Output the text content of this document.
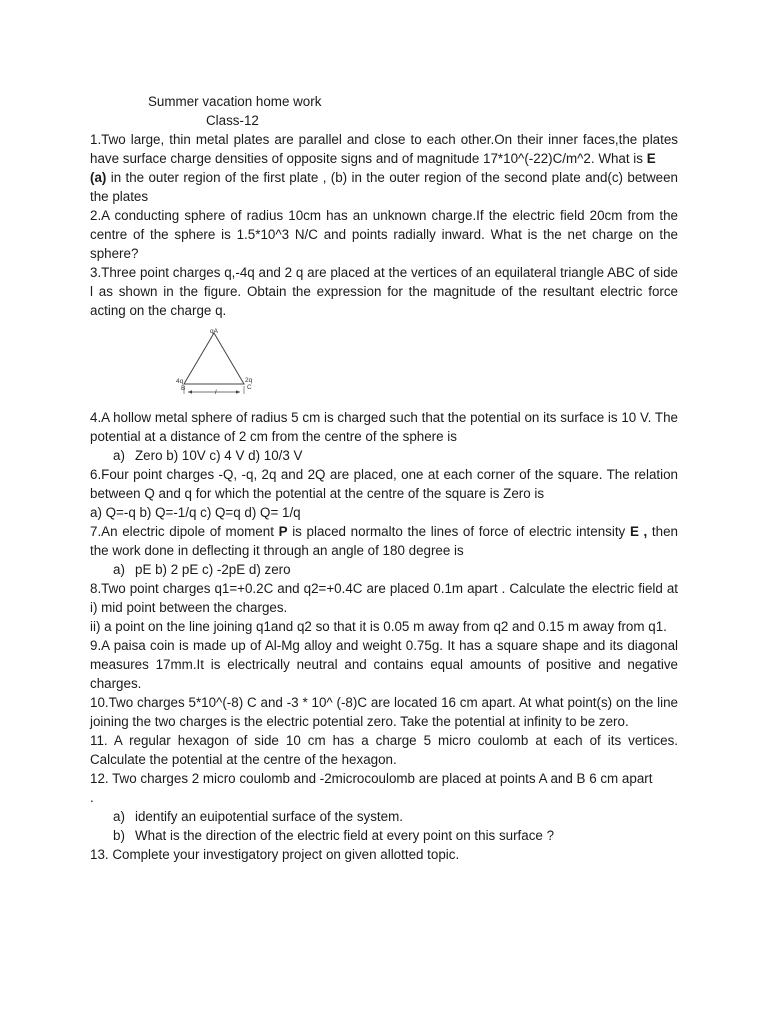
Summer vacation home work
Class-12

1.Two large, thin metal plates are parallel and close to each other.On their inner faces,the plates have surface charge densities of opposite signs and of magnitude 17*10^(-22)C/m^2. What is E
(a) in the outer region of the first plate , (b) in the outer region of the second plate and(c) between the plates

2.A conducting sphere of radius 10cm has an unknown charge.If the electric field 20cm from the centre of the sphere is 1.5*10^3 N/C and points radially inward. What is the net charge on the sphere?

3.Three point charges q,-4q and 2 q are placed at the vertices of an equilateral triangle ABC of side l as shown in the figure. Obtain the expression for the magnitude of the resultant electric force acting on the charge q.

qA
4q
B
2q
C
l

4.A hollow metal sphere of radius 5 cm is charged such that the potential on its surface is 10 V. The potential at a distance of 2 cm from the centre of the sphere is

a) Zero b) 10V c) 4 V d) 10/3 V

6.Four point charges -Q, -q, 2q and 2Q are placed, one at each corner of the square. The relation between Q and q for which the potential at the centre of the square is Zero is

a) Q=-q b) Q=-1/q c) Q=q d) Q= 1/q

7.An electric dipole of moment P is placed normalto the lines of force of electric intensity E , then the work done in deflecting it through an angle of 180 degree is

a) pE b) 2 pE c) -2pE d) zero

8.Two point charges q1=+0.2C and q2=+0.4C are placed 0.1m apart . Calculate the electric field at i) mid point between the charges.

ii) a point on the line joining q1and q2 so that it is 0.05 m away from q2 and 0.15 m away from q1.

9.A paisa coin is made up of Al-Mg alloy and weight 0.75g. It has a square shape and its diagonal measures 17mm.It is electrically neutral and contains equal amounts of positive and negative charges.

10.Two charges 5*10^(-8) C and -3 * 10^ (-8)C are located 16 cm apart. At what point(s) on the line joining the two charges is the electric potential zero. Take the potential at infinity to be zero.

11. A regular hexagon of side 10 cm has a charge 5 micro coulomb at each of its vertices. Calculate the potential at the centre of the hexagon.

12. Two charges 2 micro coulomb and -2microcoulomb are placed at points A and B 6 cm apart

.

a) identify an euipotential surface of the system.

b) What is the direction of the electric field at every point on this surface ?

13. Complete your investigatory project on given allotted topic.
